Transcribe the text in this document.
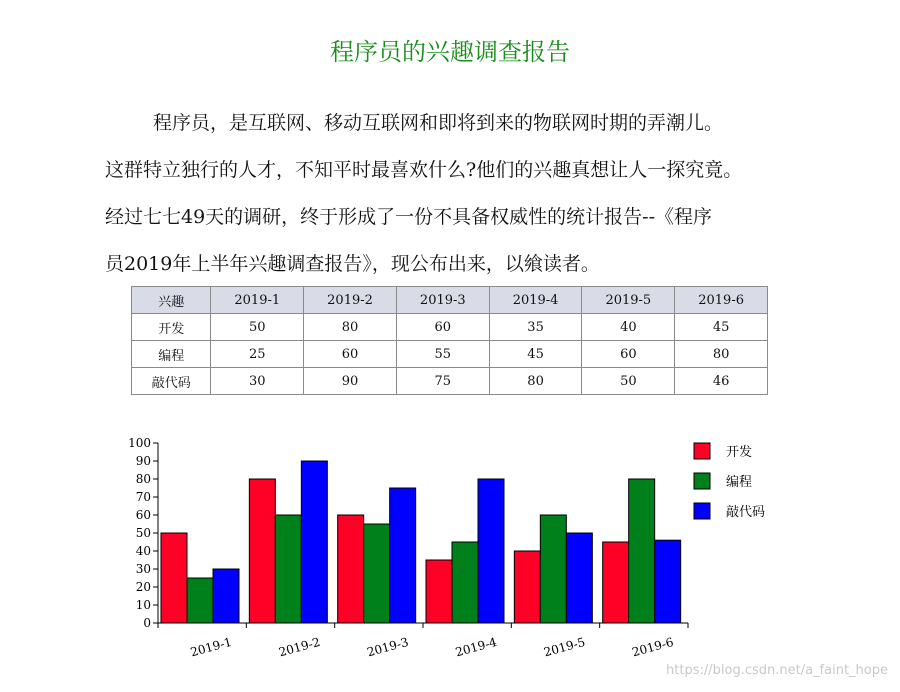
程序员的兴趣调查报告

程序员，是互联网、移动互联网和即将到来的物联网时期的弄潮儿。

这群特立独行的人才，不知平时最喜欢什么?他们的兴趣真想让人一探究竟。

经过七七49天的调研，终于形成了一份不具备权威性的统计报告--《程序

员2019年上半年兴趣调查报告》，现公布出来，以飨读者。

兴趣	2019-1	2019-2	2019-3	2019-4	2019-5	2019-6
开发	50	80	60	35	40	45
编程	25	60	55	45	60	80
敲代码	30	90	75	80	50	46
0
10
20
30
40
50
60
70
80
90
100
2019-1	2019-2	2019-3	2019-4	2019-5	2019-6
开发
编程
敲代码
https://blog.csdn.net/a_faint_hope
